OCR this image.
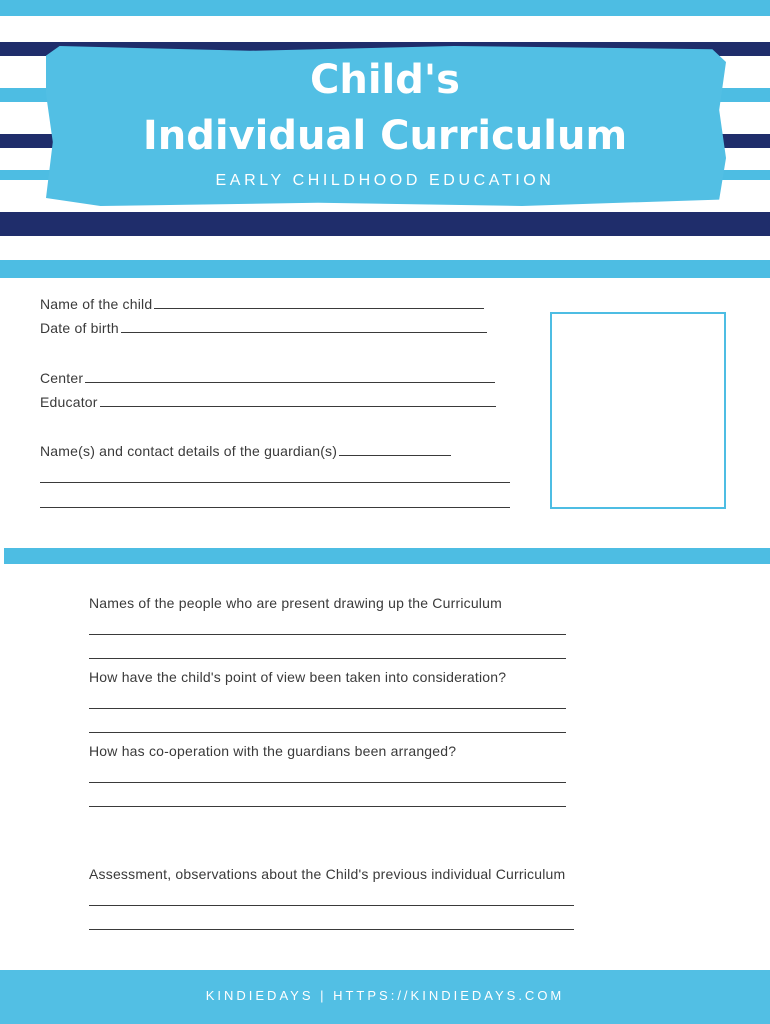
Child's
Individual Curriculum
EARLY CHILDHOOD EDUCATION
Name of the child
Date of birth
Center
Educator
Name(s) and contact details of the guardian(s)
Names of the people who are present drawing up the Curriculum
How have the child's point of view been taken into consideration?
How has co-operation with the guardians been arranged?
Assessment, observations about the Child's previous individual Curriculum
KINDIEDAYS | HTTPS://KINDIEDAYS.COM
